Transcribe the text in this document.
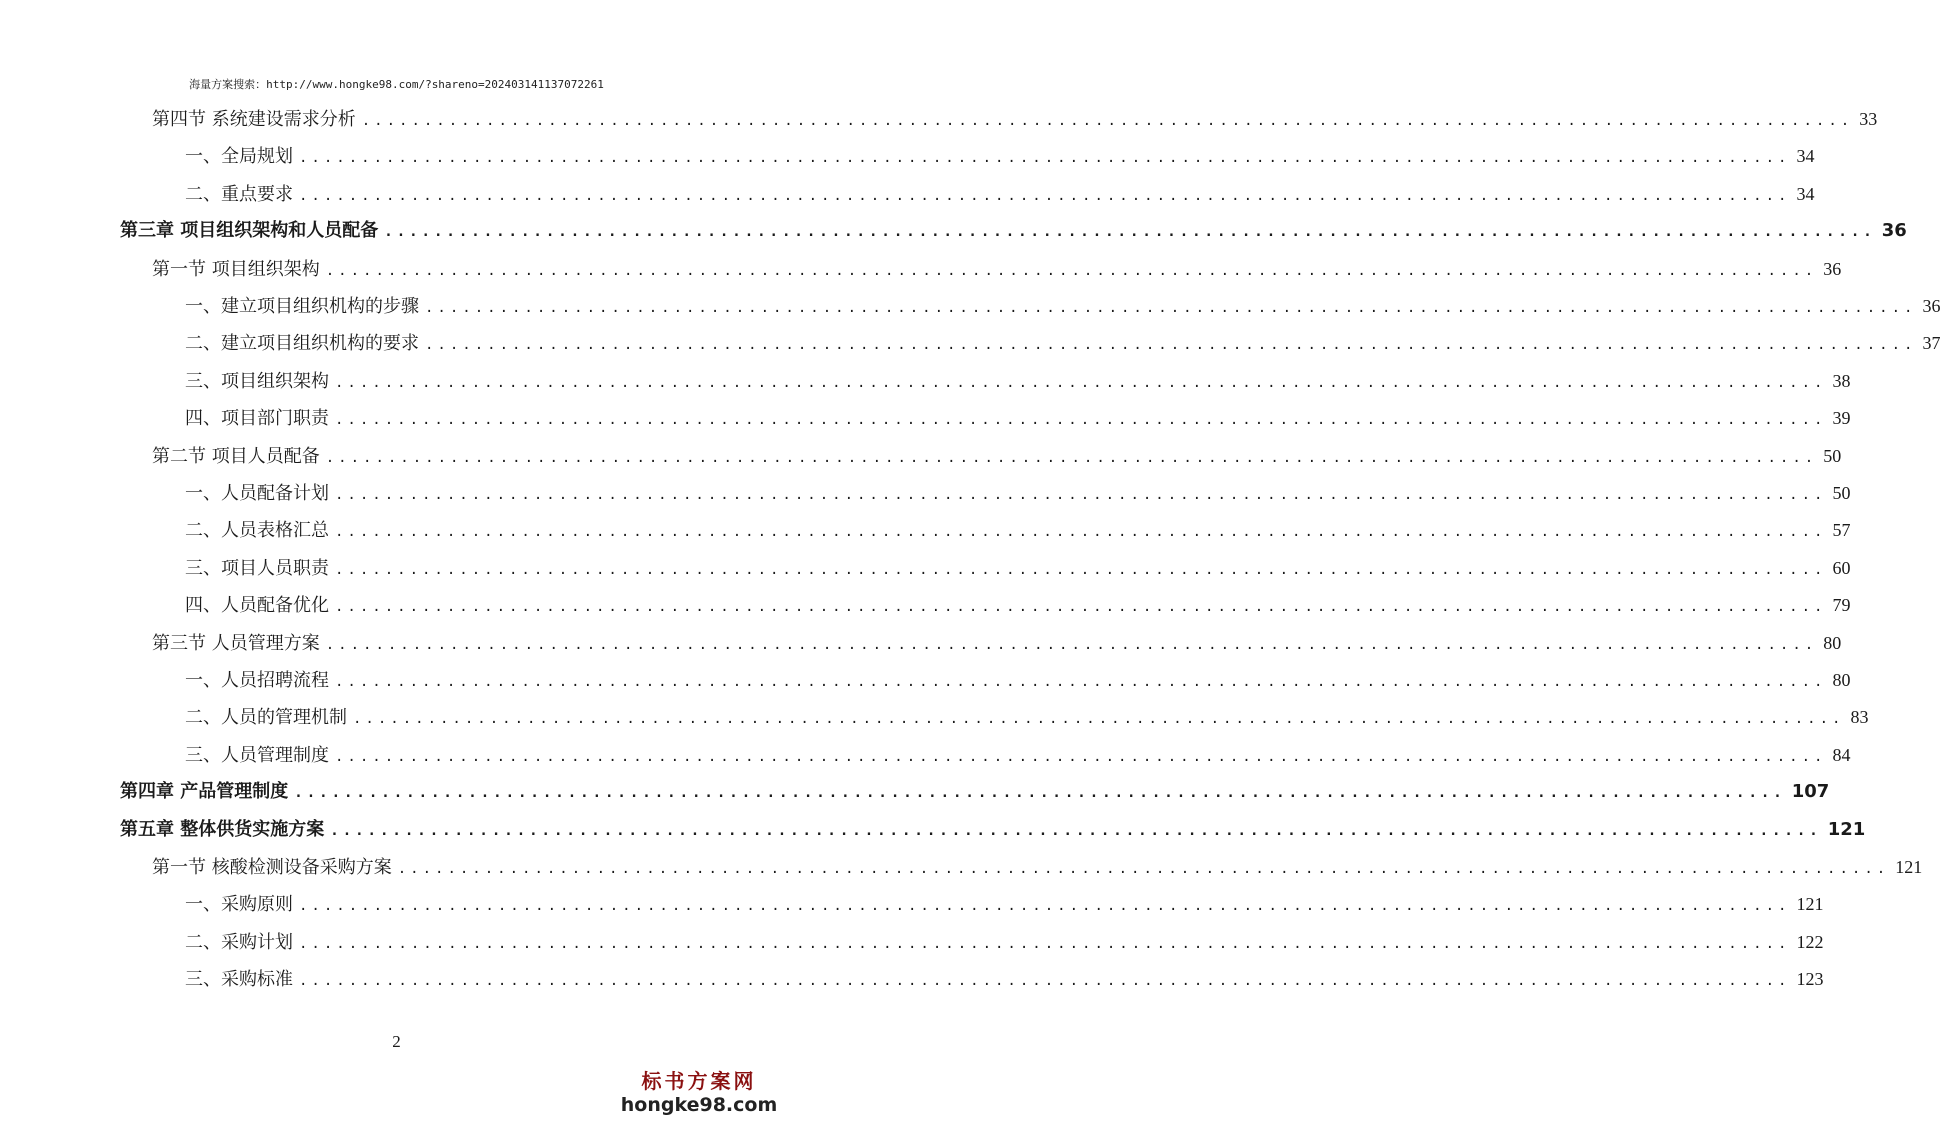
海量方案搜索：http://www.hongke98.com/?shareno=202403141137072261
第四节 系统建设需求分析 ........................................................................................................................ 33
一、全局规划 ........................................................................................................................ 34
二、重点要求 ........................................................................................................................ 34
第三章 项目组织架构和人员配备 ........................................................................................................................ 36
第一节 项目组织架构 ........................................................................................................................ 36
一、建立项目组织机构的步骤 ........................................................................................................................ 36
二、建立项目组织机构的要求 ........................................................................................................................ 37
三、项目组织架构 ........................................................................................................................ 38
四、项目部门职责 ........................................................................................................................ 39
第二节 项目人员配备 ........................................................................................................................ 50
一、人员配备计划 ........................................................................................................................ 50
二、人员表格汇总 ........................................................................................................................ 57
三、项目人员职责 ........................................................................................................................ 60
四、人员配备优化 ........................................................................................................................ 79
第三节 人员管理方案 ........................................................................................................................ 80
一、人员招聘流程 ........................................................................................................................ 80
二、人员的管理机制 ........................................................................................................................ 83
三、人员管理制度 ........................................................................................................................ 84
第四章 产品管理制度 ........................................................................................................................ 107
第五章 整体供货实施方案 ........................................................................................................................ 121
第一节 核酸检测设备采购方案 ........................................................................................................................ 121
一、采购原则 ........................................................................................................................ 121
二、采购计划 ........................................................................................................................ 122
三、采购标准 ........................................................................................................................ 123
2
标书方案网
hongke98.com
